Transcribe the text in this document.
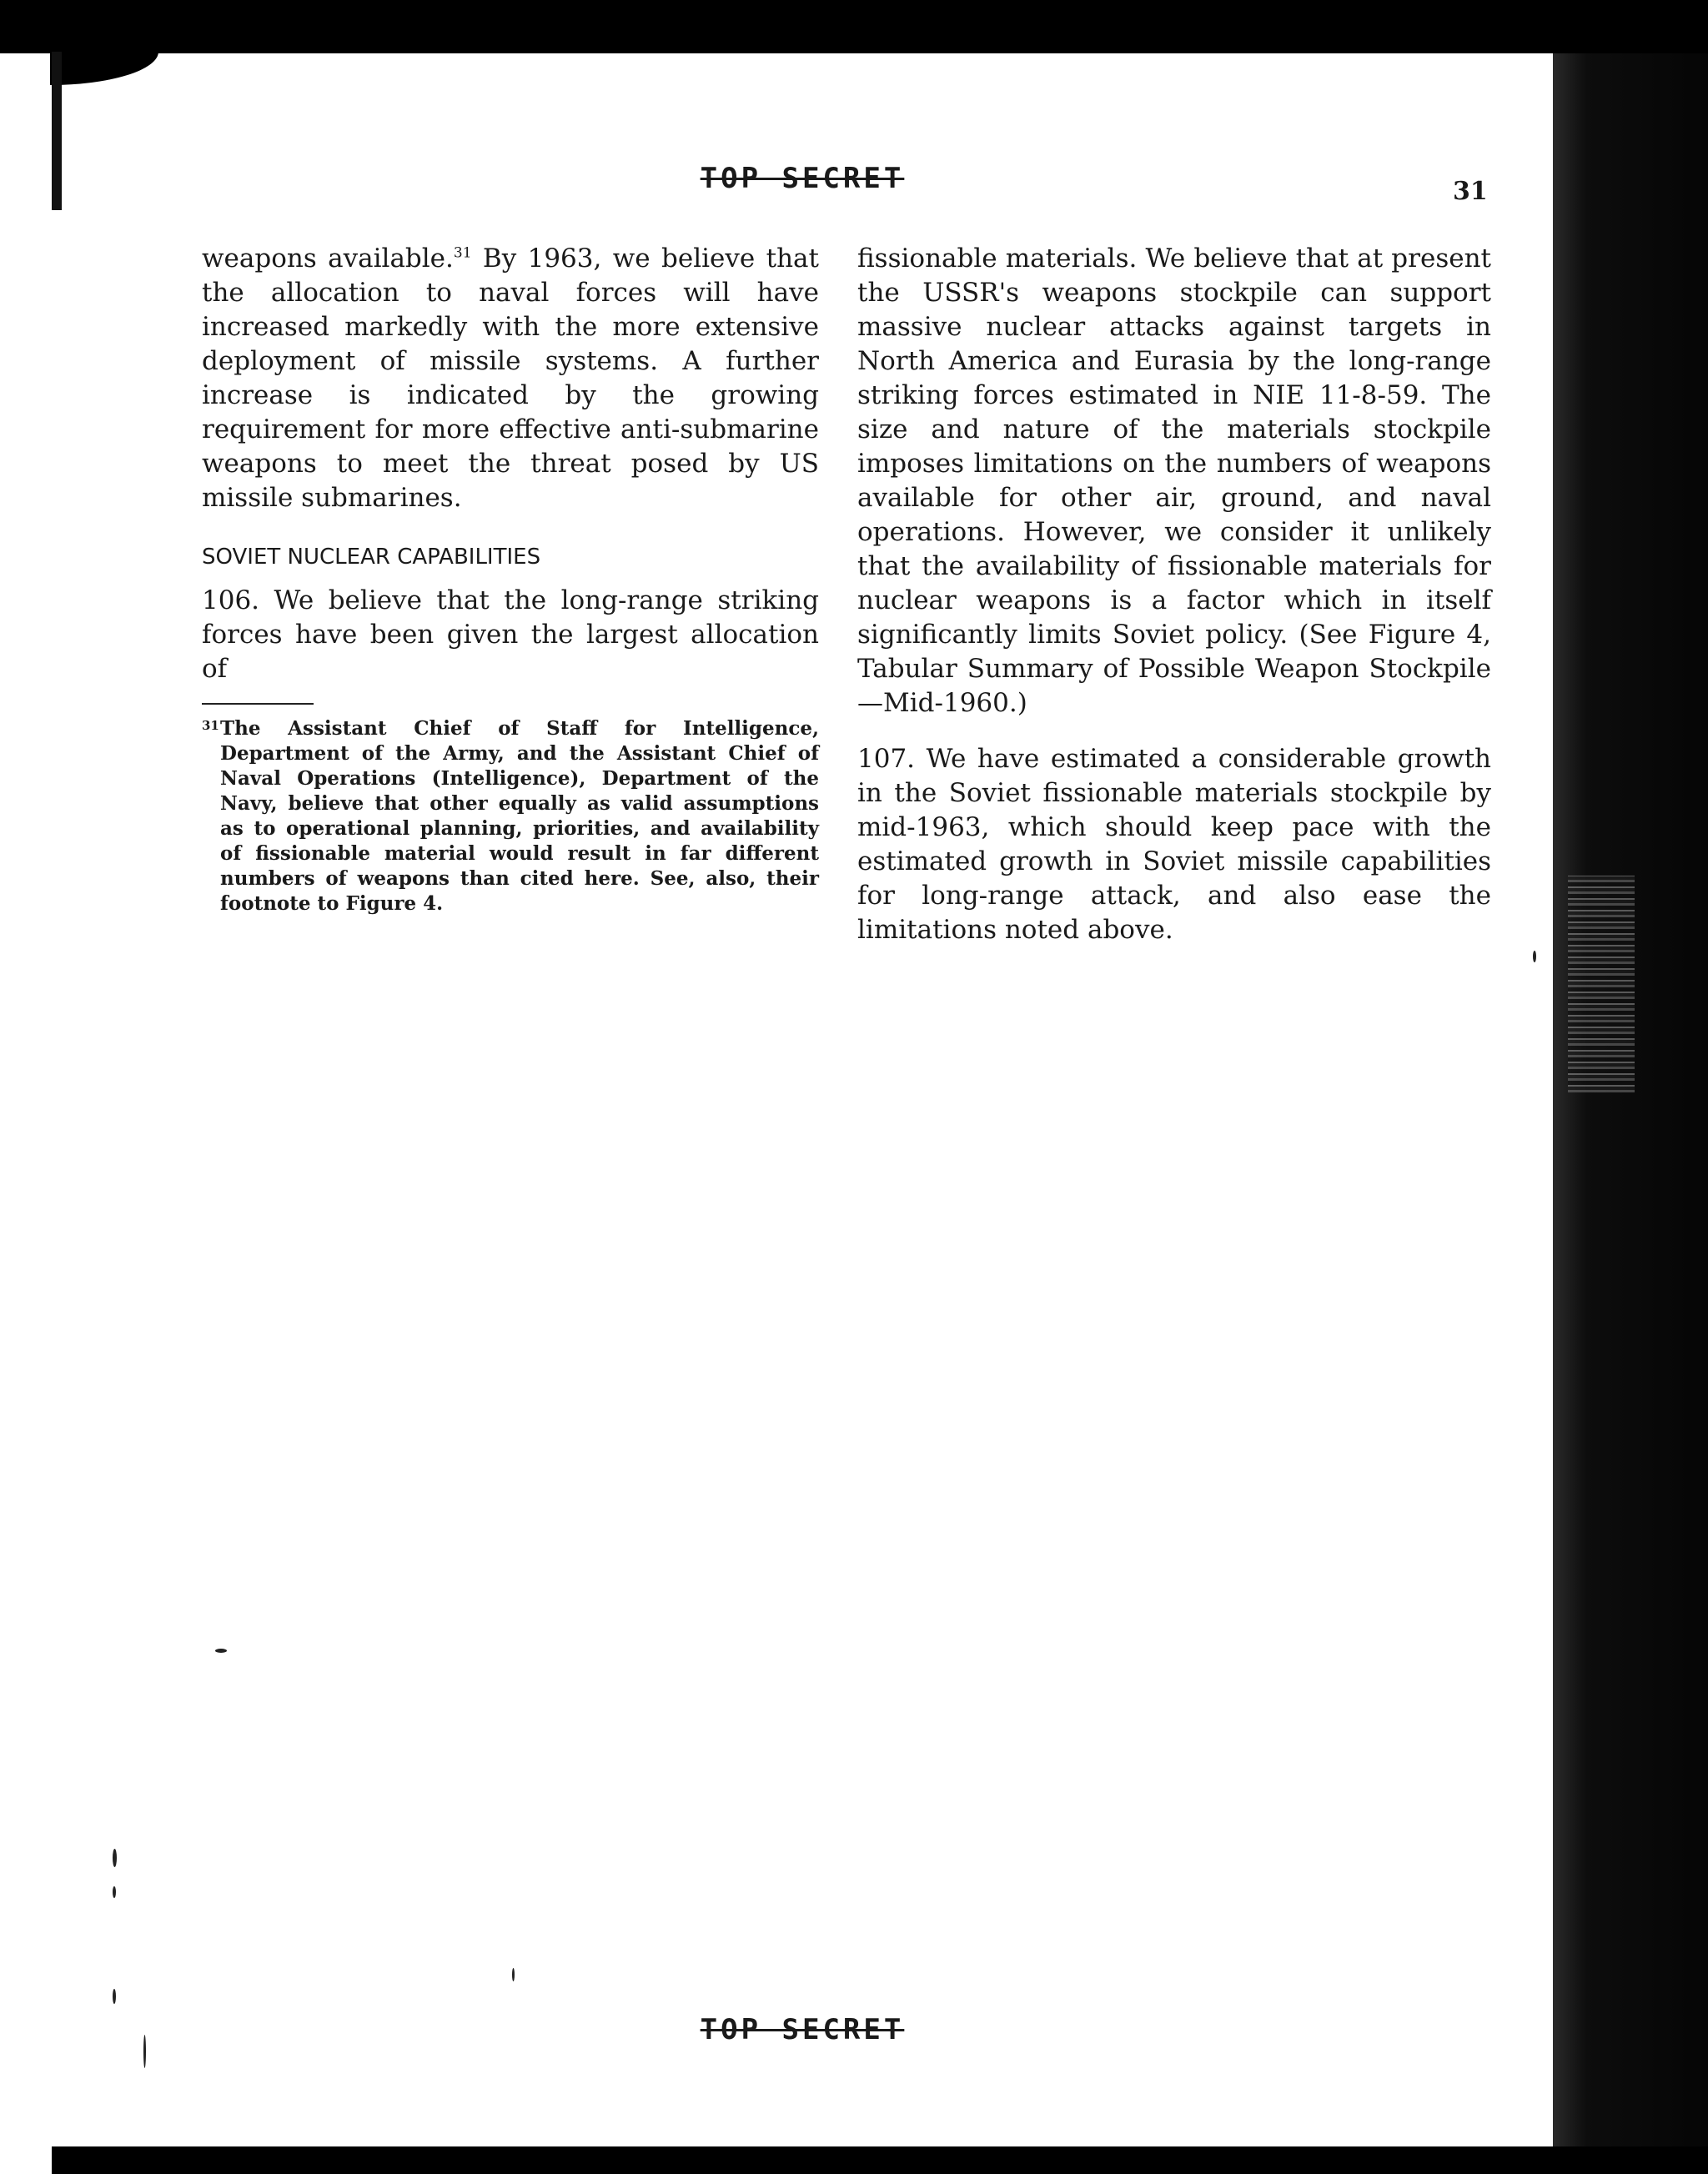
TOP SECRET	31

weapons available.$^{31}$ By 1963, we believe that the allocation to naval forces will have increased markedly with the more extensive deployment of missile systems. A further increase is indicated by the growing requirement for more effective anti-submarine weapons to meet the threat posed by US missile submarines.

SOVIET NUCLEAR CAPABILITIES

106. We believe that the long-range striking forces have been given the largest allocation of

31 The Assistant Chief of Staff for Intelligence, Department of the Army, and the Assistant Chief of Naval Operations (Intelligence), Department of the Navy, believe that other equally as valid assumptions as to operational planning, priorities, and availability of fissionable material would result in far different numbers of weapons than cited here. See, also, their footnote to Figure 4.

fissionable materials. We believe that at present the USSR's weapons stockpile can support massive nuclear attacks against targets in North America and Eurasia by the long-range striking forces estimated in NIE 11-8-59. The size and nature of the materials stockpile imposes limitations on the numbers of weapons available for other air, ground, and naval operations. However, we consider it unlikely that the availability of fissionable materials for nuclear weapons is a factor which in itself significantly limits Soviet policy. (See Figure 4, Tabular Summary of Possible Weapon Stockpile—Mid-1960.)

107. We have estimated a considerable growth in the Soviet fissionable materials stockpile by mid-1963, which should keep pace with the estimated growth in Soviet missile capabilities for long-range attack, and also ease the limitations noted above.

TOP SECRET
